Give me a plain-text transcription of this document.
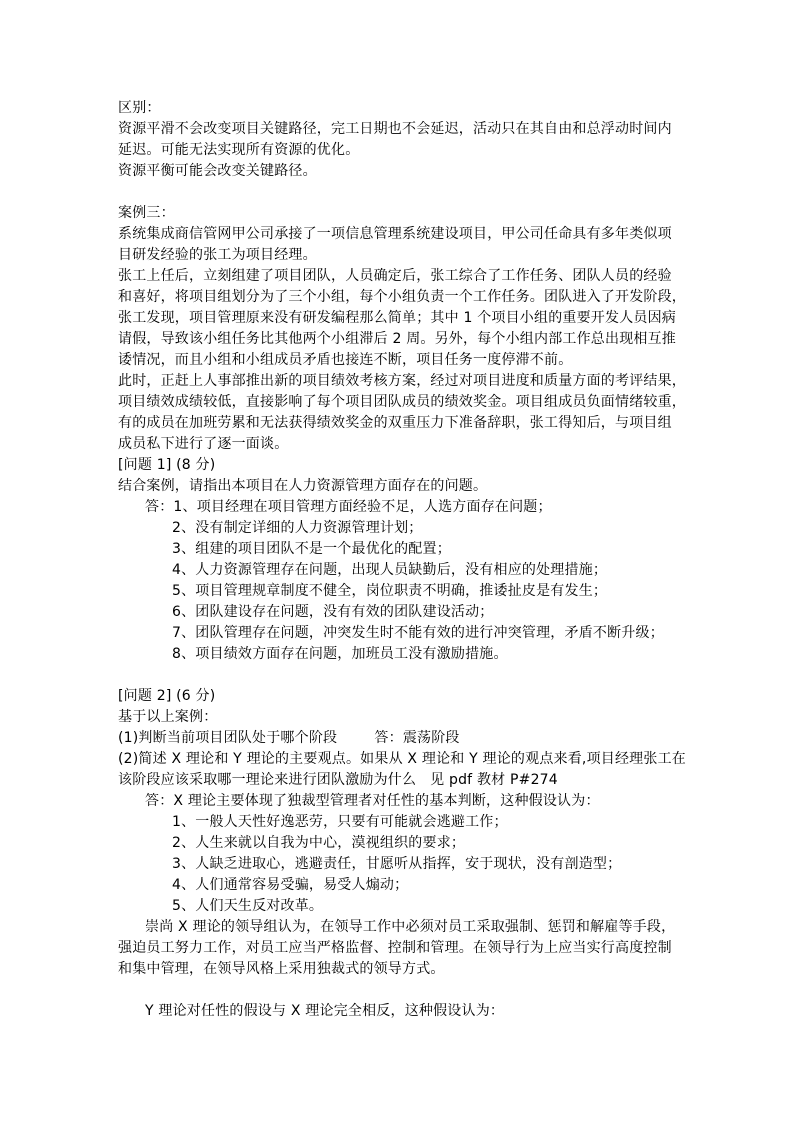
区别：
资源平滑不会改变项目关键路径，完工日期也不会延迟，活动只在其自由和总浮动时间内
延迟。可能无法实现所有资源的优化。
资源平衡可能会改变关键路径。
案例三：
系统集成商信管网甲公司承接了一项信息管理系统建设项目，甲公司任命具有多年类似项
目研发经验的张工为项目经理。
张工上任后，立刻组建了项目团队，人员确定后，张工综合了工作任务、团队人员的经验
和喜好，将项目组划分为了三个小组，每个小组负责一个工作任务。团队进入了开发阶段，
张工发现，项目管理原来没有研发编程那么简单；其中 1 个项目小组的重要开发人员因病
请假，导致该小组任务比其他两个小组滞后 2 周。另外，每个小组内部工作总出现相互推
诿情况，而且小组和小组成员矛盾也接连不断，项目任务一度停滞不前。
此时，正赶上人事部推出新的项目绩效考核方案，经过对项目进度和质量方面的考评结果，
项目绩效成绩较低，直接影响了每个项目团队成员的绩效奖金。项目组成员负面情绪较重，
有的成员在加班劳累和无法获得绩效奖金的双重压力下准备辞职，张工得知后，与项目组
成员私下进行了逐一面谈。
[问题 1] (8 分)
结合案例，请指出本项目在人力资源管理方面存在的问题。
答：1、项目经理在项目管理方面经验不足，人选方面存在问题；
2、没有制定详细的人力资源管理计划；
3、组建的项目团队不是一个最优化的配置；
4、人力资源管理存在问题，出现人员缺勤后，没有相应的处理措施；
5、项目管理规章制度不健全，岗位职责不明确，推诿扯皮是有发生；
6、团队建设存在问题，没有有效的团队建设活动；
7、团队管理存在问题，冲突发生时不能有效的进行冲突管理，矛盾不断升级；
8、项目绩效方面存在问题，加班员工没有激励措施。
[问题 2] (6 分)
基于以上案例：
(1)判断当前项目团队处于哪个阶段        答：震荡阶段
(2)简述 X 理论和 Y 理论的主要观点。如果从 X 理论和 Y 理论的观点来看,项目经理张工在
该阶段应该采取哪一理论来进行团队激励为什么   见 pdf 教材 P#274
答：X 理论主要体现了独裁型管理者对任性的基本判断，这种假设认为：
1、一般人天性好逸恶劳，只要有可能就会逃避工作；
2、人生来就以自我为中心，漠视组织的要求；
3、人缺乏进取心，逃避责任，甘愿听从指挥，安于现状，没有剖造型；
4、人们通常容易受骗，易受人煽动；
5、人们天生反对改革。
崇尚 X 理论的领导组认为，在领导工作中必须对员工采取强制、惩罚和解雇等手段，
强迫员工努力工作，对员工应当严格监督、控制和管理。在领导行为上应当实行高度控制
和集中管理，在领导风格上采用独裁式的领导方式。
Y 理论对任性的假设与 X 理论完全相反，这种假设认为：
